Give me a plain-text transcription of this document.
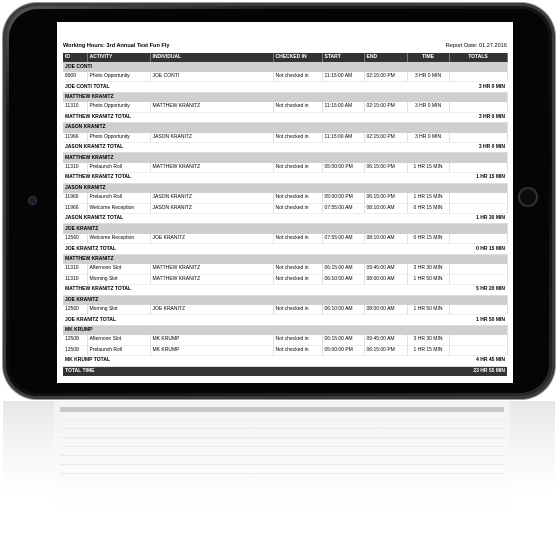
Working Hours: 3rd Annual Test Fun Fly	Report Date: 01.27.2016
ID	ACTIVITY	INDIVIDUAL	CHECKED IN	START	END	TIME	TOTALS
JOE CONTI							
8900	Photo Opportunity	JOE CONTI	Not checked in	11:15:00 AM	02:15:00 PM	3 HR 0 MIN	
JOE CONTI TOTAL							3 HR 0 MIN
MATTHEW KRANITZ							
11310	Photo Opportunity	MATTHEW KRANITZ	Not checked in	11:15:00 AM	02:15:00 PM	3 HR 0 MIN	
MATTHEW KRANITZ TOTAL							3 HR 0 MIN
JASON KRANITZ							
11966	Photo Opportunity	JASON KRANITZ	Not checked in	11:15:00 AM	02:15:00 PM	3 HR 0 MIN	
JASON KRANITZ TOTAL							3 HR 0 MIN
MATTHEW KRANITZ							
11310	Prelaunch Roll	MATTHEW KRANITZ	Not checked in	05:00:00 PM	06:15:00 PM	1 HR 15 MIN	
MATTHEW KRANITZ TOTAL							1 HR 15 MIN
JASON KRANITZ							
11966	Prelaunch Roll	JASON KRANITZ	Not checked in	05:00:00 PM	06:15:00 PM	1 HR 15 MIN	
11966	Welcome Reception	JASON KRANITZ	Not checked in	07:55:00 AM	08:10:00 AM	0 HR 15 MIN	
JASON KRANITZ TOTAL							1 HR 30 MIN
JOE KRANITZ							
12560	Welcome Reception	JOE KRANITZ	Not checked in	07:55:00 AM	08:10:00 AM	0 HR 15 MIN	
JOE KRANITZ TOTAL							0 HR 15 MIN
MATTHEW KRANITZ							
11310	Afternoon Slot	MATTHEW KRANITZ	Not checked in	06:15:00 AM	09:45:00 AM	3 HR 30 MIN	
11310	Morning Slot	MATTHEW KRANITZ	Not checked in	06:10:00 AM	08:00:00 AM	1 HR 50 MIN	
MATTHEW KRANITZ TOTAL							5 HR 20 MIN
JOE KRANITZ							
12560	Morning Slot	JOE KRANITZ	Not checked in	06:10:00 AM	08:00:00 AM	1 HR 50 MIN	
JOE KRANITZ TOTAL							1 HR 50 MIN
MK KRUMP							
12508	Afternoon Slot	MK KRUMP	Not checked in	06:15:00 AM	09:45:00 AM	3 HR 30 MIN	
12508	Prelaunch Roll	MK KRUMP	Not checked in	05:00:00 PM	06:15:00 PM	1 HR 15 MIN	
MK KRUMP TOTAL							4 HR 45 MIN
TOTAL TIME							23 HR 55 MIN
